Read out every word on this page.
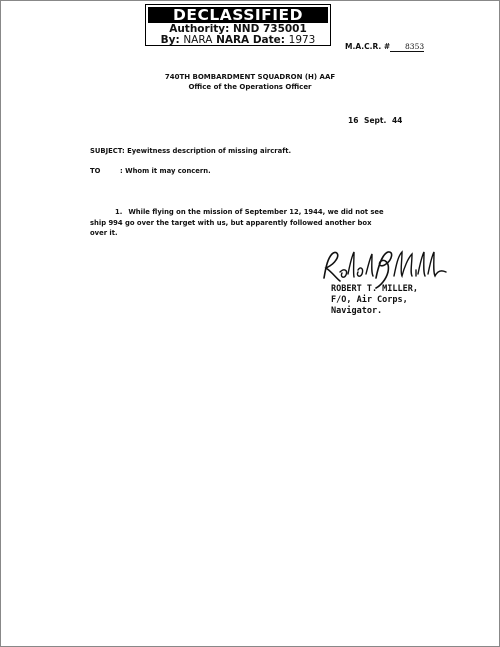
DECLASSIFIED
Authority: NND 735001
By: NARA NARA Date: 1973
M.A.C.R. # 8353
740TH BOMBARDMENT SQUADRON (H) AAF
Office of the Operations Officer
16 Sept. 44
SUBJECT: Eyewitness description of missing aircraft.
TO	: Whom it may concern.
1. While flying on the mission of September 12, 1944, we did not see
ship 994 go over the target with us, but apparently followed another box
over it.
ROBERT T. MILLER,
F/O, Air Corps,
Navigator.
